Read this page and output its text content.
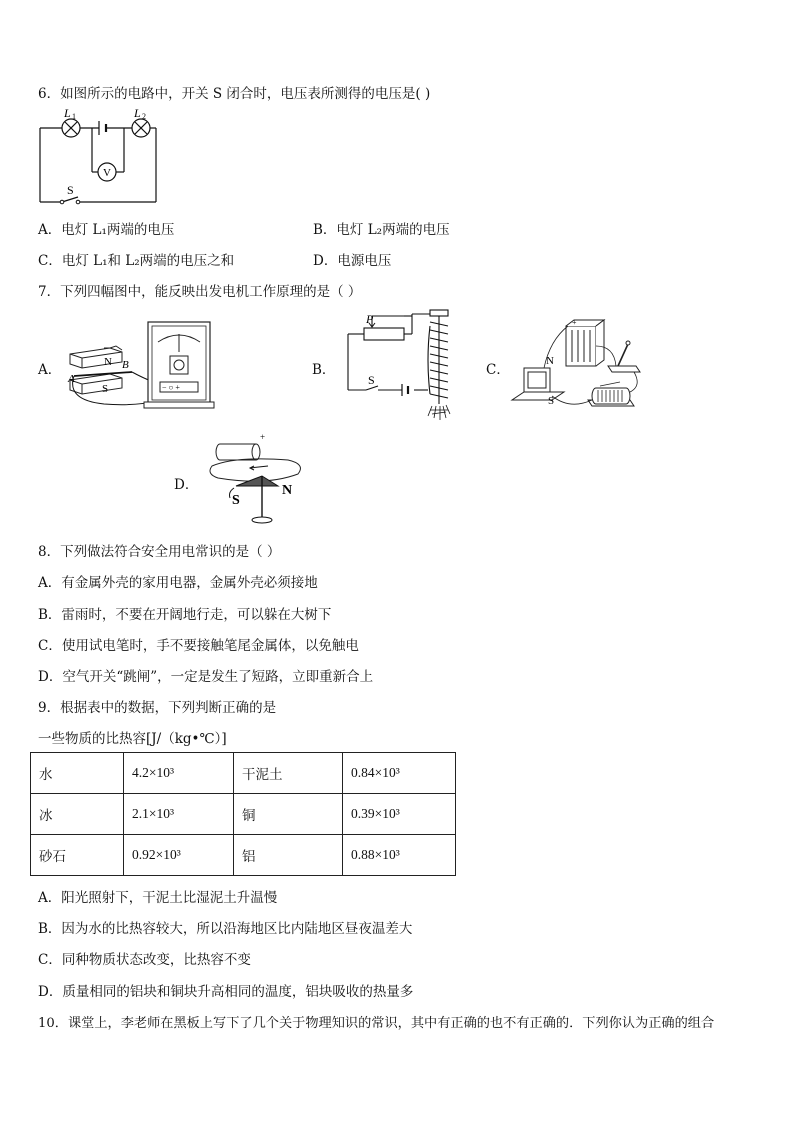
6．如图所示的电路中，开关 S 闭合时，电压表所测得的电压是( )
V
S
L 1	L 2
A．电灯 L₁两端的电压	B．电灯 L₂两端的电压
C．电灯 L₁和 L₂两端的电压之和	D．电源电压
7．下列四幅图中，能反映出发电机工作原理的是（ ）
A．	N
S
A
B
− ○ +
B．
P
S
C．
+
N
S
D．
+
S
N
8．下列做法符合安全用电常识的是（ ）
A．有金属外壳的家用电器，金属外壳必须接地
B．雷雨时，不要在开阔地行走，可以躲在大树下
C．使用试电笔时，手不要接触笔尾金属体，以免触电
D．空气开关“跳闸”，一定是发生了短路，立即重新合上
9．根据表中的数据，下列判断正确的是
一些物质的比热容[J/（kg•℃）]
水	4.2×10³	干泥土	0.84×10³
冰	2.1×10³	铜	0.39×10³
砂石	0.92×10³	铝	0.88×10³
A．阳光照射下，干泥土比湿泥土升温慢
B．因为水的比热容较大，所以沿海地区比内陆地区昼夜温差大
C．同种物质状态改变，比热容不变
D．质量相同的铝块和铜块升高相同的温度，铝块吸收的热量多
10．课堂上，李老师在黑板上写下了几个关于物理知识的常识，其中有正确的也不有正确的．下列你认为正确的组合
